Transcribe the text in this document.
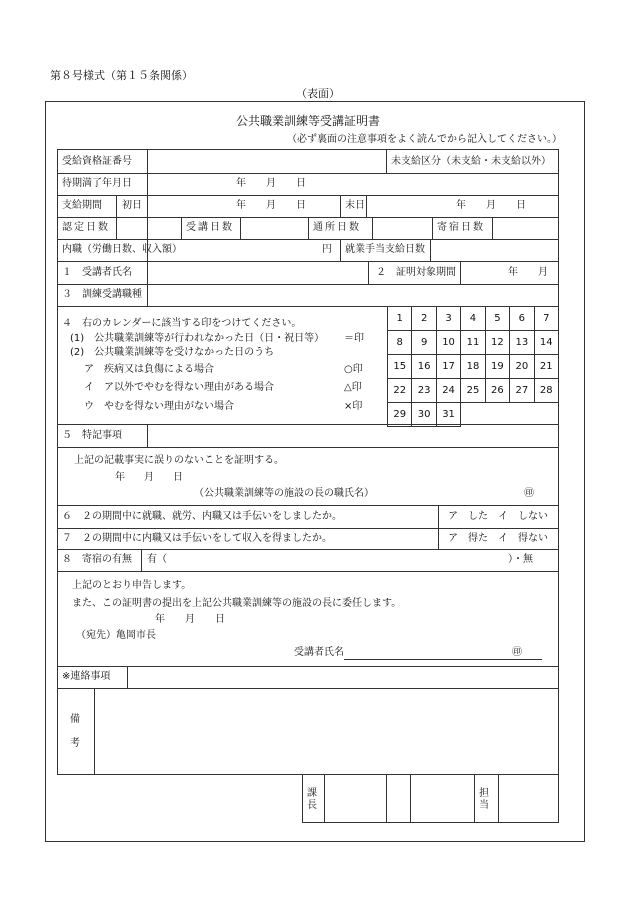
第８号様式（第１５条関係）
（表面）
公共職業訓練等受講証明書
（必ず裏面の注意事項をよく読んでから記入してください。）
受給資格証番号	未支給区分（未支給・未支給以外）
待期満了年月日	年 月 日
支給期間 初日	年 月 日	末日	年 月 日
認定日数	受講日数	通所日数	寄宿日数
内職（労働日数、収入額）	円 就業手当支給日数
１　受講者氏名	２　証明対象期間	年 月
３　訓練受講職種
４　右のカレンダーに該当する印をつけてください。
(1)　公共職業訓練等が行われなかった日（日・祝日等） ＝印
(2)　公共職業訓練等を受けなかった日のうち
ア　疾病又は負傷による場合	○印
イ　ア以外でやむを得ない理由がある場合	△印
ウ　やむを得ない理由がない場合	×印
1	2	3	4	5	6	7
8	9	10	11	12	13	14
15	16	17	18	19	20	21
22	23	24	25	26	27	28
29	30	31				
５　特記事項
上記の記載事実に誤りのないことを証明する。
年 月 日
（公共職業訓練等の施設の長の職氏名）	㊞
６　２の期間中に就職、就労、内職又は手伝いをしましたか。	ア　した　イ　しない
７　２の期間中に内職又は手伝いをして収入を得ましたか。	ア　得た　イ　得ない
８　寄宿の有無 有（	）・無
上記のとおり申告します。
また、この証明書の提出を上記公共職業訓練等の施設の長に委任します。
年 月 日
（宛先）亀岡市長
受講者氏名	㊞
※連絡事項
備
考
課
長
担
当
